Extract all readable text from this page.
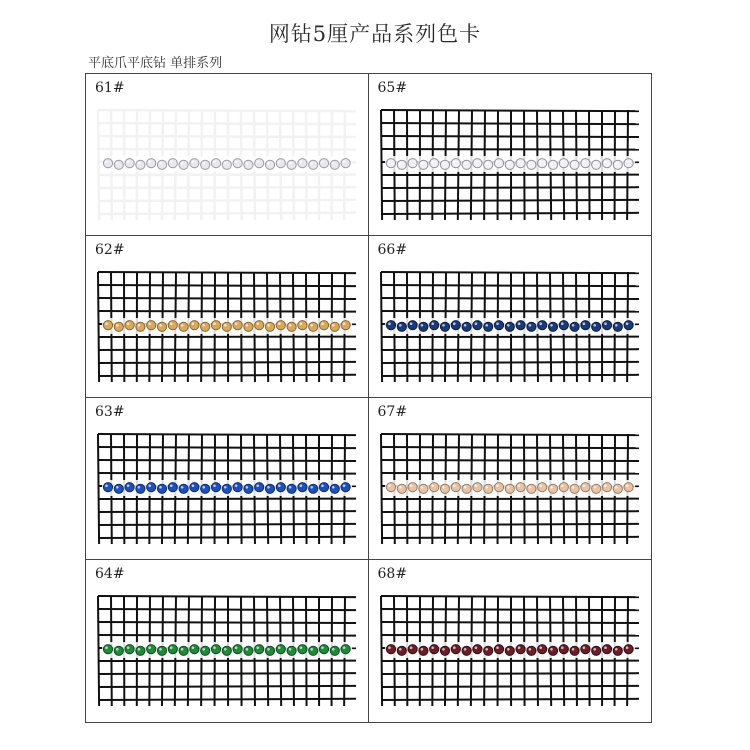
网钻5厘产品系列色卡
平底爪平底钻 单排系列
61#	65#
62#	66#
63#	67#
64#	68#
